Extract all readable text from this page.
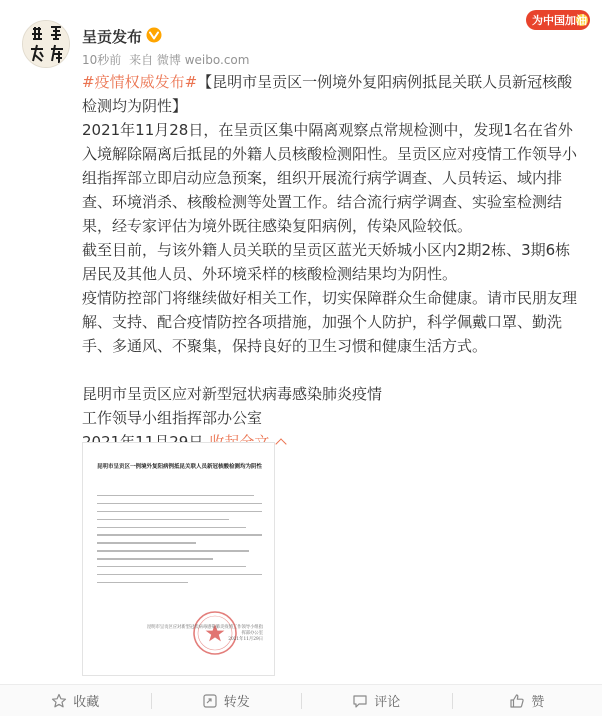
呈贡发布
10秒前 来自 微博 weibo.com
为中国加油

#疫情权威发布#【昆明市呈贡区一例境外复阳病例抵昆关联人员新冠核酸检测均为阴性】

2021年11月28日，在呈贡区集中隔离观察点常规检测中，发现1名在省外入境解除隔离后抵昆的外籍人员核酸检测阳性。呈贡区应对疫情工作领导小组指挥部立即启动应急预案，组织开展流行病学调查、人员转运、域内排查、环境消杀、核酸检测等处置工作。结合流行病学调查、实验室检测结果，经专家评估为境外既往感染复阳病例，传染风险较低。

截至目前，与该外籍人员关联的呈贡区蓝光天娇城小区内2期2栋、3期6栋居民及其他人员、外环境采样的核酸检测结果均为阴性。

疫情防控部门将继续做好相关工作，切实保障群众生命健康。请市民朋友理解、支持、配合疫情防控各项措施，加强个人防护，科学佩戴口罩、勤洗手、多通风、不聚集，保持良好的卫生习惯和健康生活方式。

昆明市呈贡区应对新型冠状病毒感染肺炎疫情

工作领导小组指挥部办公室

昆明市呈贡区一例境外复阳病例抵昆关联人员新冠核酸检测均为阴性
昆明市呈贡区应对新型冠状病毒感染肺炎疫情工作领导小组指挥部办公室
2021年11月29日
收藏	转发	评论	赞
